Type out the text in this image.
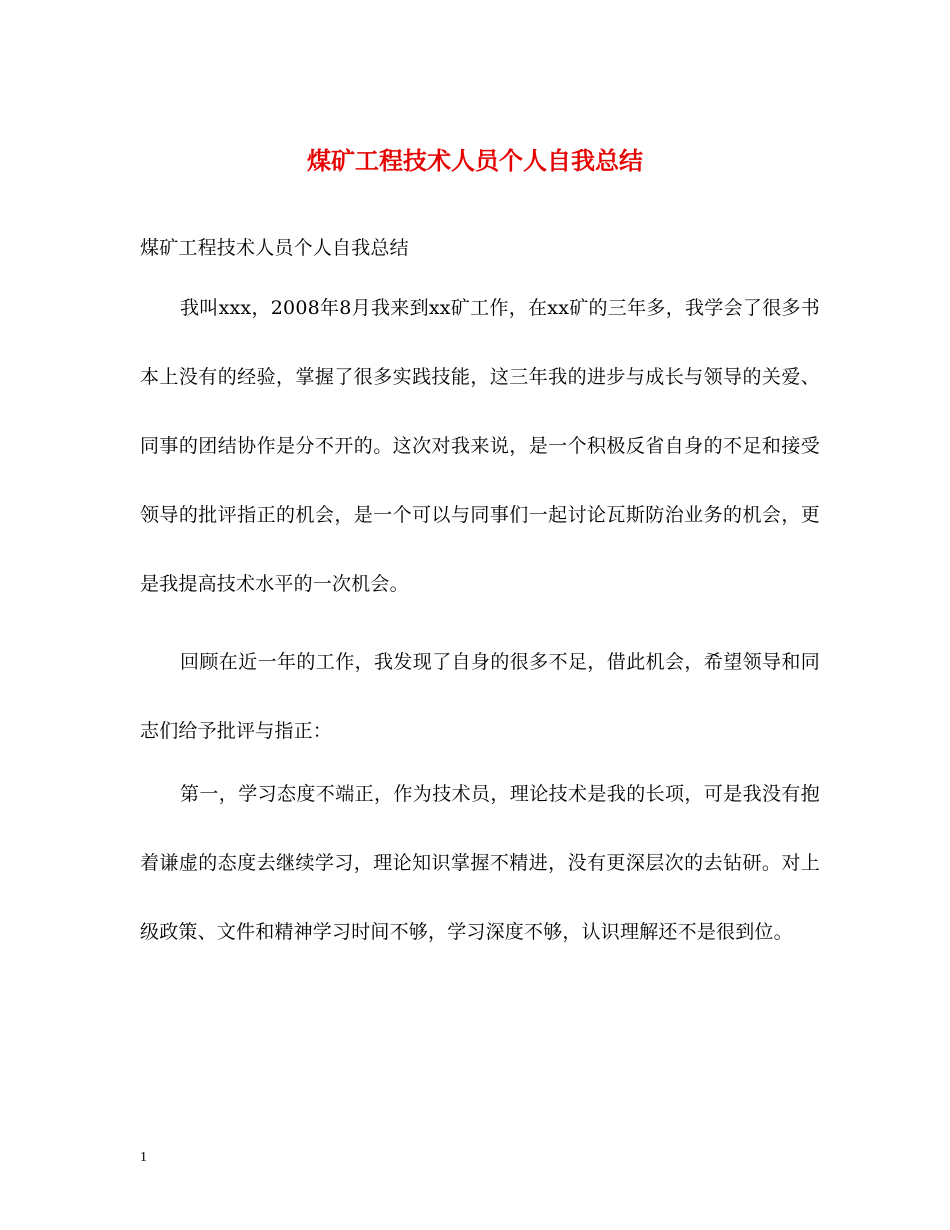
煤矿工程技术人员个人自我总结
煤矿工程技术人员个人自我总结
我叫xxx，2008年8月我来到xx矿工作，在xx矿的三年多，我学会了很多书本上没有的经验，掌握了很多实践技能，这三年我的进步与成长与领导的关爱、同事的团结协作是分不开的。这次对我来说，是一个积极反省自身的不足和接受领导的批评指正的机会，是一个可以与同事们一起讨论瓦斯防治业务的机会，更是我提高技术水平的一次机会。
回顾在近一年的工作，我发现了自身的很多不足，借此机会，希望领导和同志们给予批评与指正：
第一，学习态度不端正，作为技术员，理论技术是我的长项，可是我没有抱着谦虚的态度去继续学习，理论知识掌握不精进，没有更深层次的去钻研。对上级政策、文件和精神学习时间不够，学习深度不够，认识理解还不是很到位。
1
